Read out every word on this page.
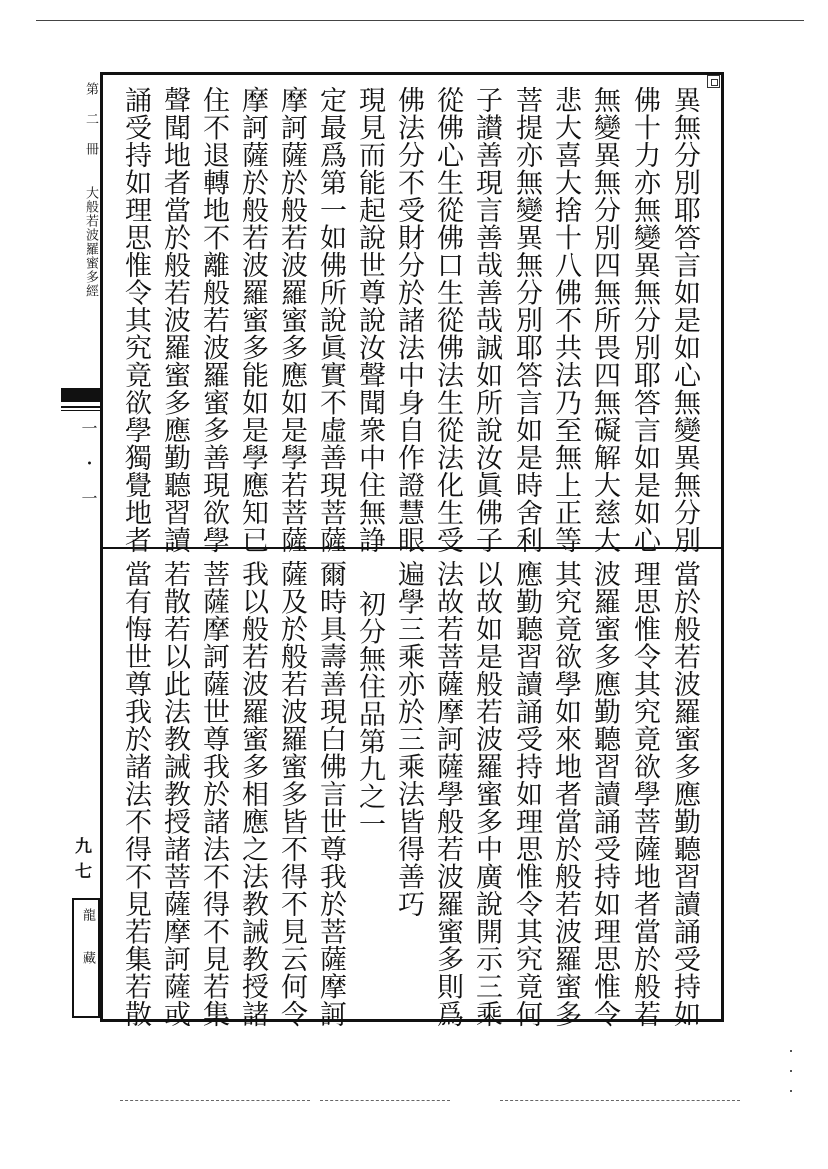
第 二 冊　 大般若波羅蜜多經
一 ・ 一
九七
龍藏
異無分別耶答言如是如心無變異無分別
佛十力亦無變異無分別耶答言如是如心
無變異無分別四無所畏四無礙解大慈大
悲大喜大捨十八佛不共法乃至無上正等
菩提亦無變異無分別耶答言如是時舍利
子讃善現言善哉善哉誠如所說汝眞佛子
從佛心生從佛口生從佛法生從法化生受
佛法分不受財分於諸法中身自作證慧眼
現見而能起說世尊說汝聲聞衆中住無諍
定最爲第一如佛所說眞實不虛善現菩薩
摩訶薩於般若波羅蜜多應如是學若菩薩
摩訶薩於般若波羅蜜多能如是學應知已
住不退轉地不離般若波羅蜜多善現欲學
聲聞地者當於般若波羅蜜多應勤聽習讀
誦受持如理思惟令其究竟欲學獨覺地者
當於般若波羅蜜多應勤聽習讀誦受持如
理思惟令其究竟欲學菩薩地者當於般若
波羅蜜多應勤聽習讀誦受持如理思惟令
其究竟欲學如來地者當於般若波羅蜜多
應勤聽習讀誦受持如理思惟令其究竟何
以故如是般若波羅蜜多中廣說開示三乘
法故若菩薩摩訶薩學般若波羅蜜多則爲
遍學三乘亦於三乘法皆得善巧
初分無住品第九之一
爾時具壽善現白佛言世尊我於菩薩摩訶
薩及於般若波羅蜜多皆不得不見云何令
我以般若波羅蜜多相應之法教誡教授諸
菩薩摩訶薩世尊我於諸法不得不見若集
若散若以此法教誡教授諸菩薩摩訶薩或
當有悔世尊我於諸法不得不見若集若散
